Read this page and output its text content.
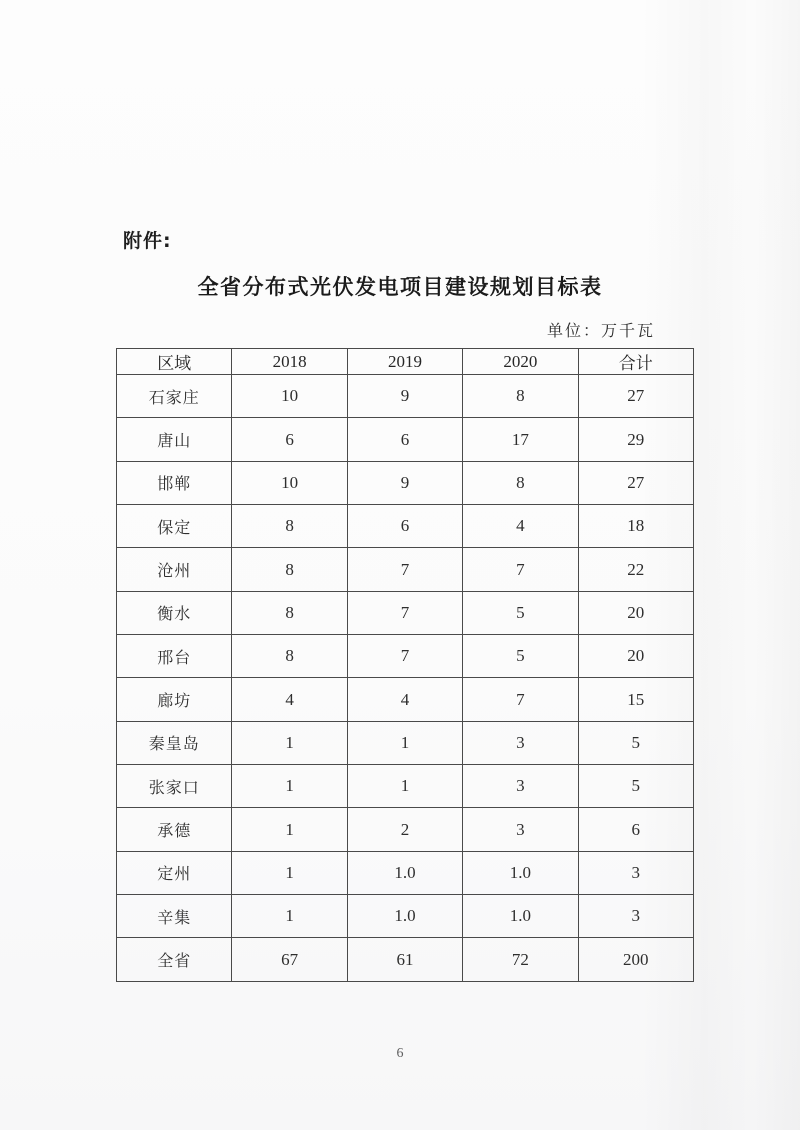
附件:
全省分布式光伏发电项目建设规划目标表
单位：万千瓦
区域	2018	2019	2020	合计
石家庄	10	9	8	27
唐山	6	6	17	29
邯郸	10	9	8	27
保定	8	6	4	18
沧州	8	7	7	22
衡水	8	7	5	20
邢台	8	7	5	20
廊坊	4	4	7	15
秦皇岛	1	1	3	5
张家口	1	1	3	5
承德	1	2	3	6
定州	1	1.0	1.0	3
辛集	1	1.0	1.0	3
全省	67	61	72	200
6
